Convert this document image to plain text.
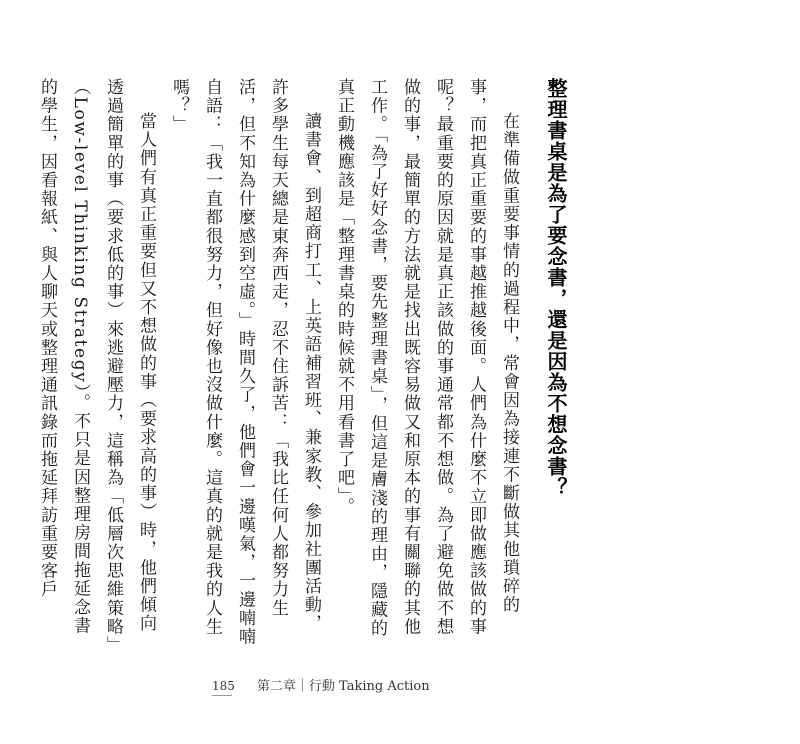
整理書桌是為了要念書，還是因為不想念書？

在準備做重要事情的過程中，常會因為接連不斷做其他瑣碎的事，而把真正重要的事越推越後面。人們為什麼不立即做應該做的事呢？最重要的原因就是真正該做的事通常都不想做。為了避免做不想做的事，最簡單的方法就是找出既容易做又和原本的事有關聯的其他工作。「為了好好念書，要先整理書桌」，但這是膚淺的理由，隱藏的真正動機應該是「整理書桌的時候就不用看書了吧」。

讀書會、到超商打工、上英語補習班、兼家教、參加社團活動，許多學生每天總是東奔西走，忍不住訴苦：「我比任何人都努力生活，但不知為什麼感到空虛。」時間久了，他們會一邊嘆氣，一邊喃喃自語：「我一直都很努力，但好像也沒做什麼。這真的就是我的人生嗎？」

當人們有真正重要但又不想做的事（要求高的事）時，他們傾向透過簡單的事（要求低的事）來逃避壓力，這稱為「低層次思維策略」（Low-level Thinking Strategy）。不只是因整理房間拖延念書的學生，因看報紙、與人聊天或整理通訊錄而拖延拜訪重要客戶

185 第二章｜行動 Taking Action
